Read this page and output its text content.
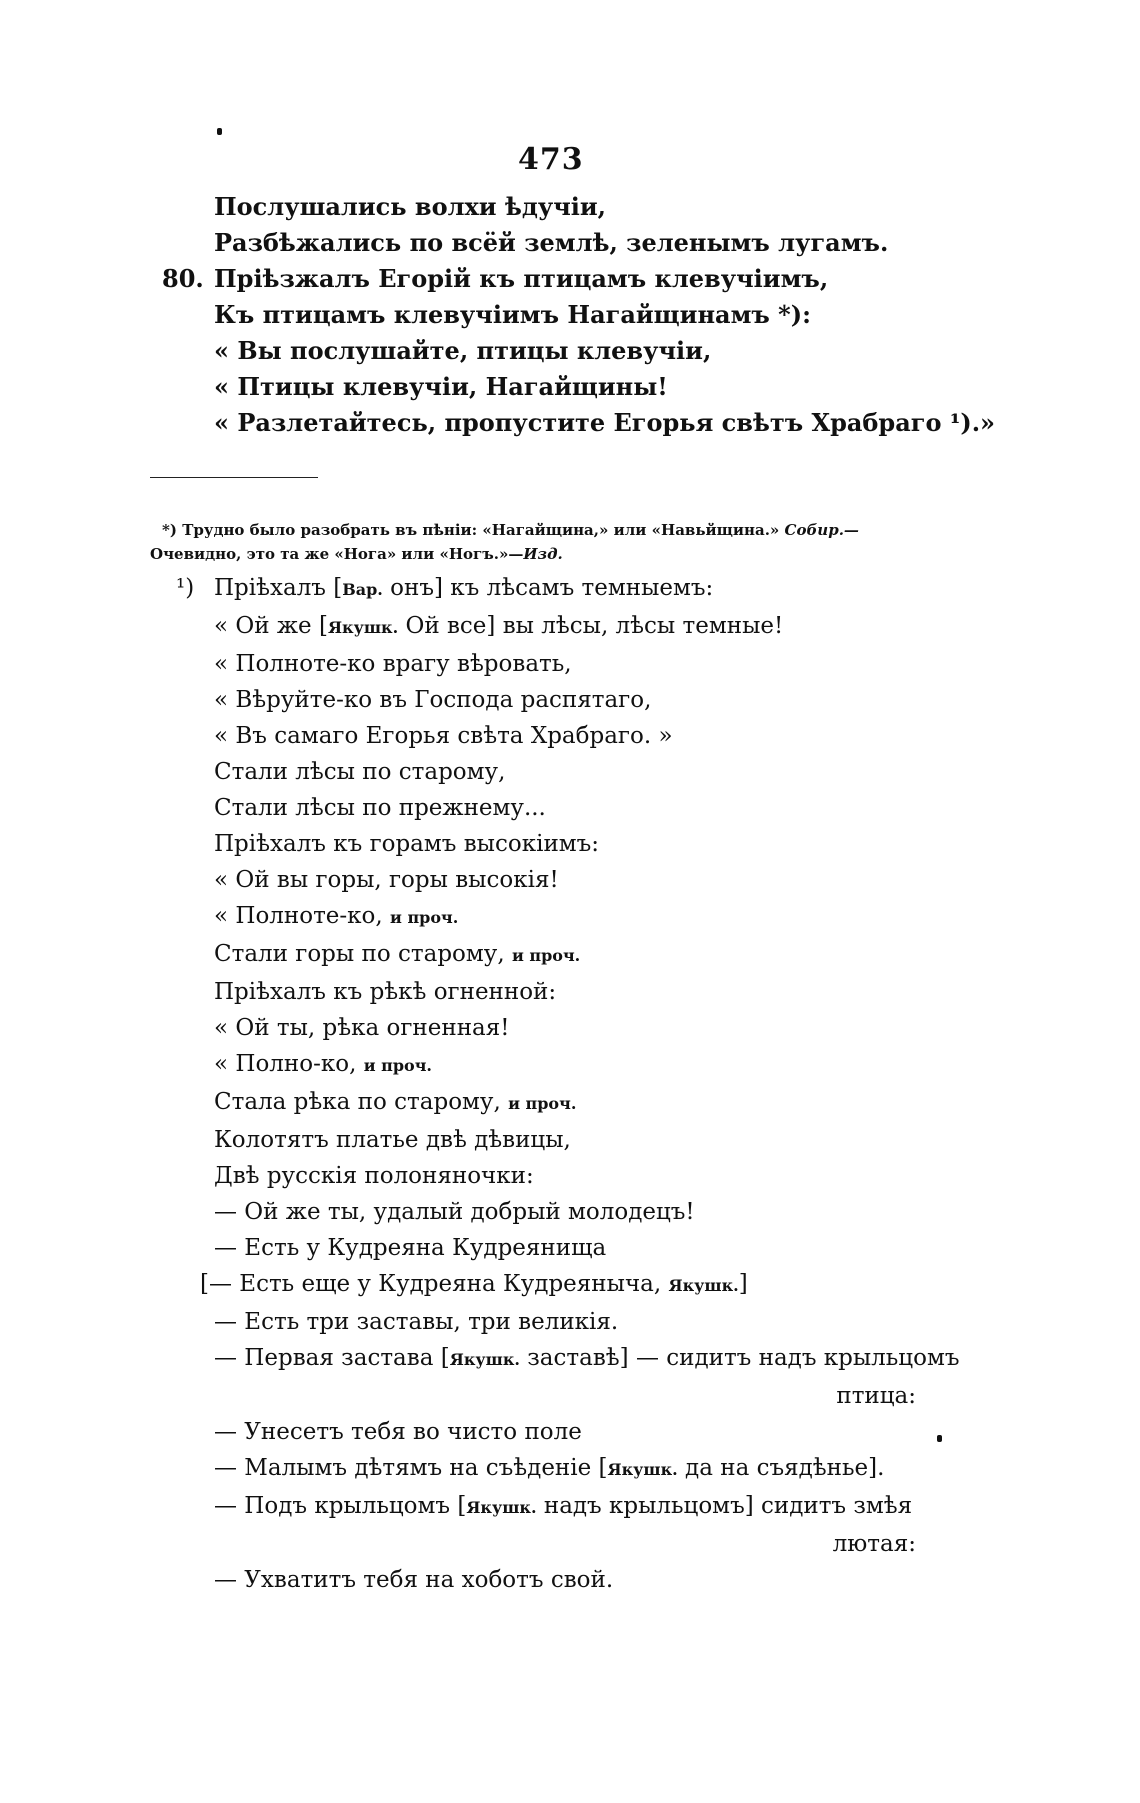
473
Послушались волхи ѣдучіи,
Разбѣжались по всёй землѣ, зеленымъ лугамъ.
80. Пріѣзжалъ Егорій къ птицамъ клевучіимъ,
Къ птицамъ клевучіимъ Нагайщинамъ *):
« Вы послушайте, птицы клевучіи,
« Птицы клевучіи, Нагайщины!
« Разлетайтесь, пропустите Егорья свѣтъ Храбраго ¹).»
*) Трудно было разобрать въ пѣніи: «Нагайщина,» или «Навьйщина.» Собир.—
Очевидно, это та же «Нога» или «Ногъ.»—Изд.
¹) Пріѣхалъ [Вар. онъ] къ лѣсамъ темныемъ:
« Ой же [Якушк. Ой все] вы лѣсы, лѣсы темные!
« Полноте-ко врагу вѣровать,
« Вѣруйте-ко въ Господа распятаго,
« Въ самаго Егорья свѣта Храбраго. »
Стали лѣсы по старому,
Стали лѣсы по прежнему...
Пріѣхалъ къ горамъ высокіимъ:
« Ой вы горы, горы высокія!
« Полноте-ко, и проч.
Стали горы по старому, и проч.
Пріѣхалъ къ рѣкѣ огненной:
« Ой ты, рѣка огненная!
« Полно-ко, и проч.
Стала рѣка по старому, и проч.
Колотятъ платье двѣ дѣвицы,
Двѣ русскія полоняночки:
— Ой же ты, удалый добрый молодецъ!
— Есть у Кудреяна Кудреянища
[— Есть еще у Кудреяна Кудреяныча, Якушк.]
— Есть три заставы, три великія.
— Первая застава [Якушк. заставѣ] — сидитъ надъ крыльцомъ
птица:
— Унесетъ тебя во чисто поле
— Малымъ дѣтямъ на съѣденіе [Якушк. да на съядѣнье].
— Подъ крыльцомъ [Якушк. надъ крыльцомъ] сидитъ змѣя
лютая:
— Ухватитъ тебя на хоботъ свой.
